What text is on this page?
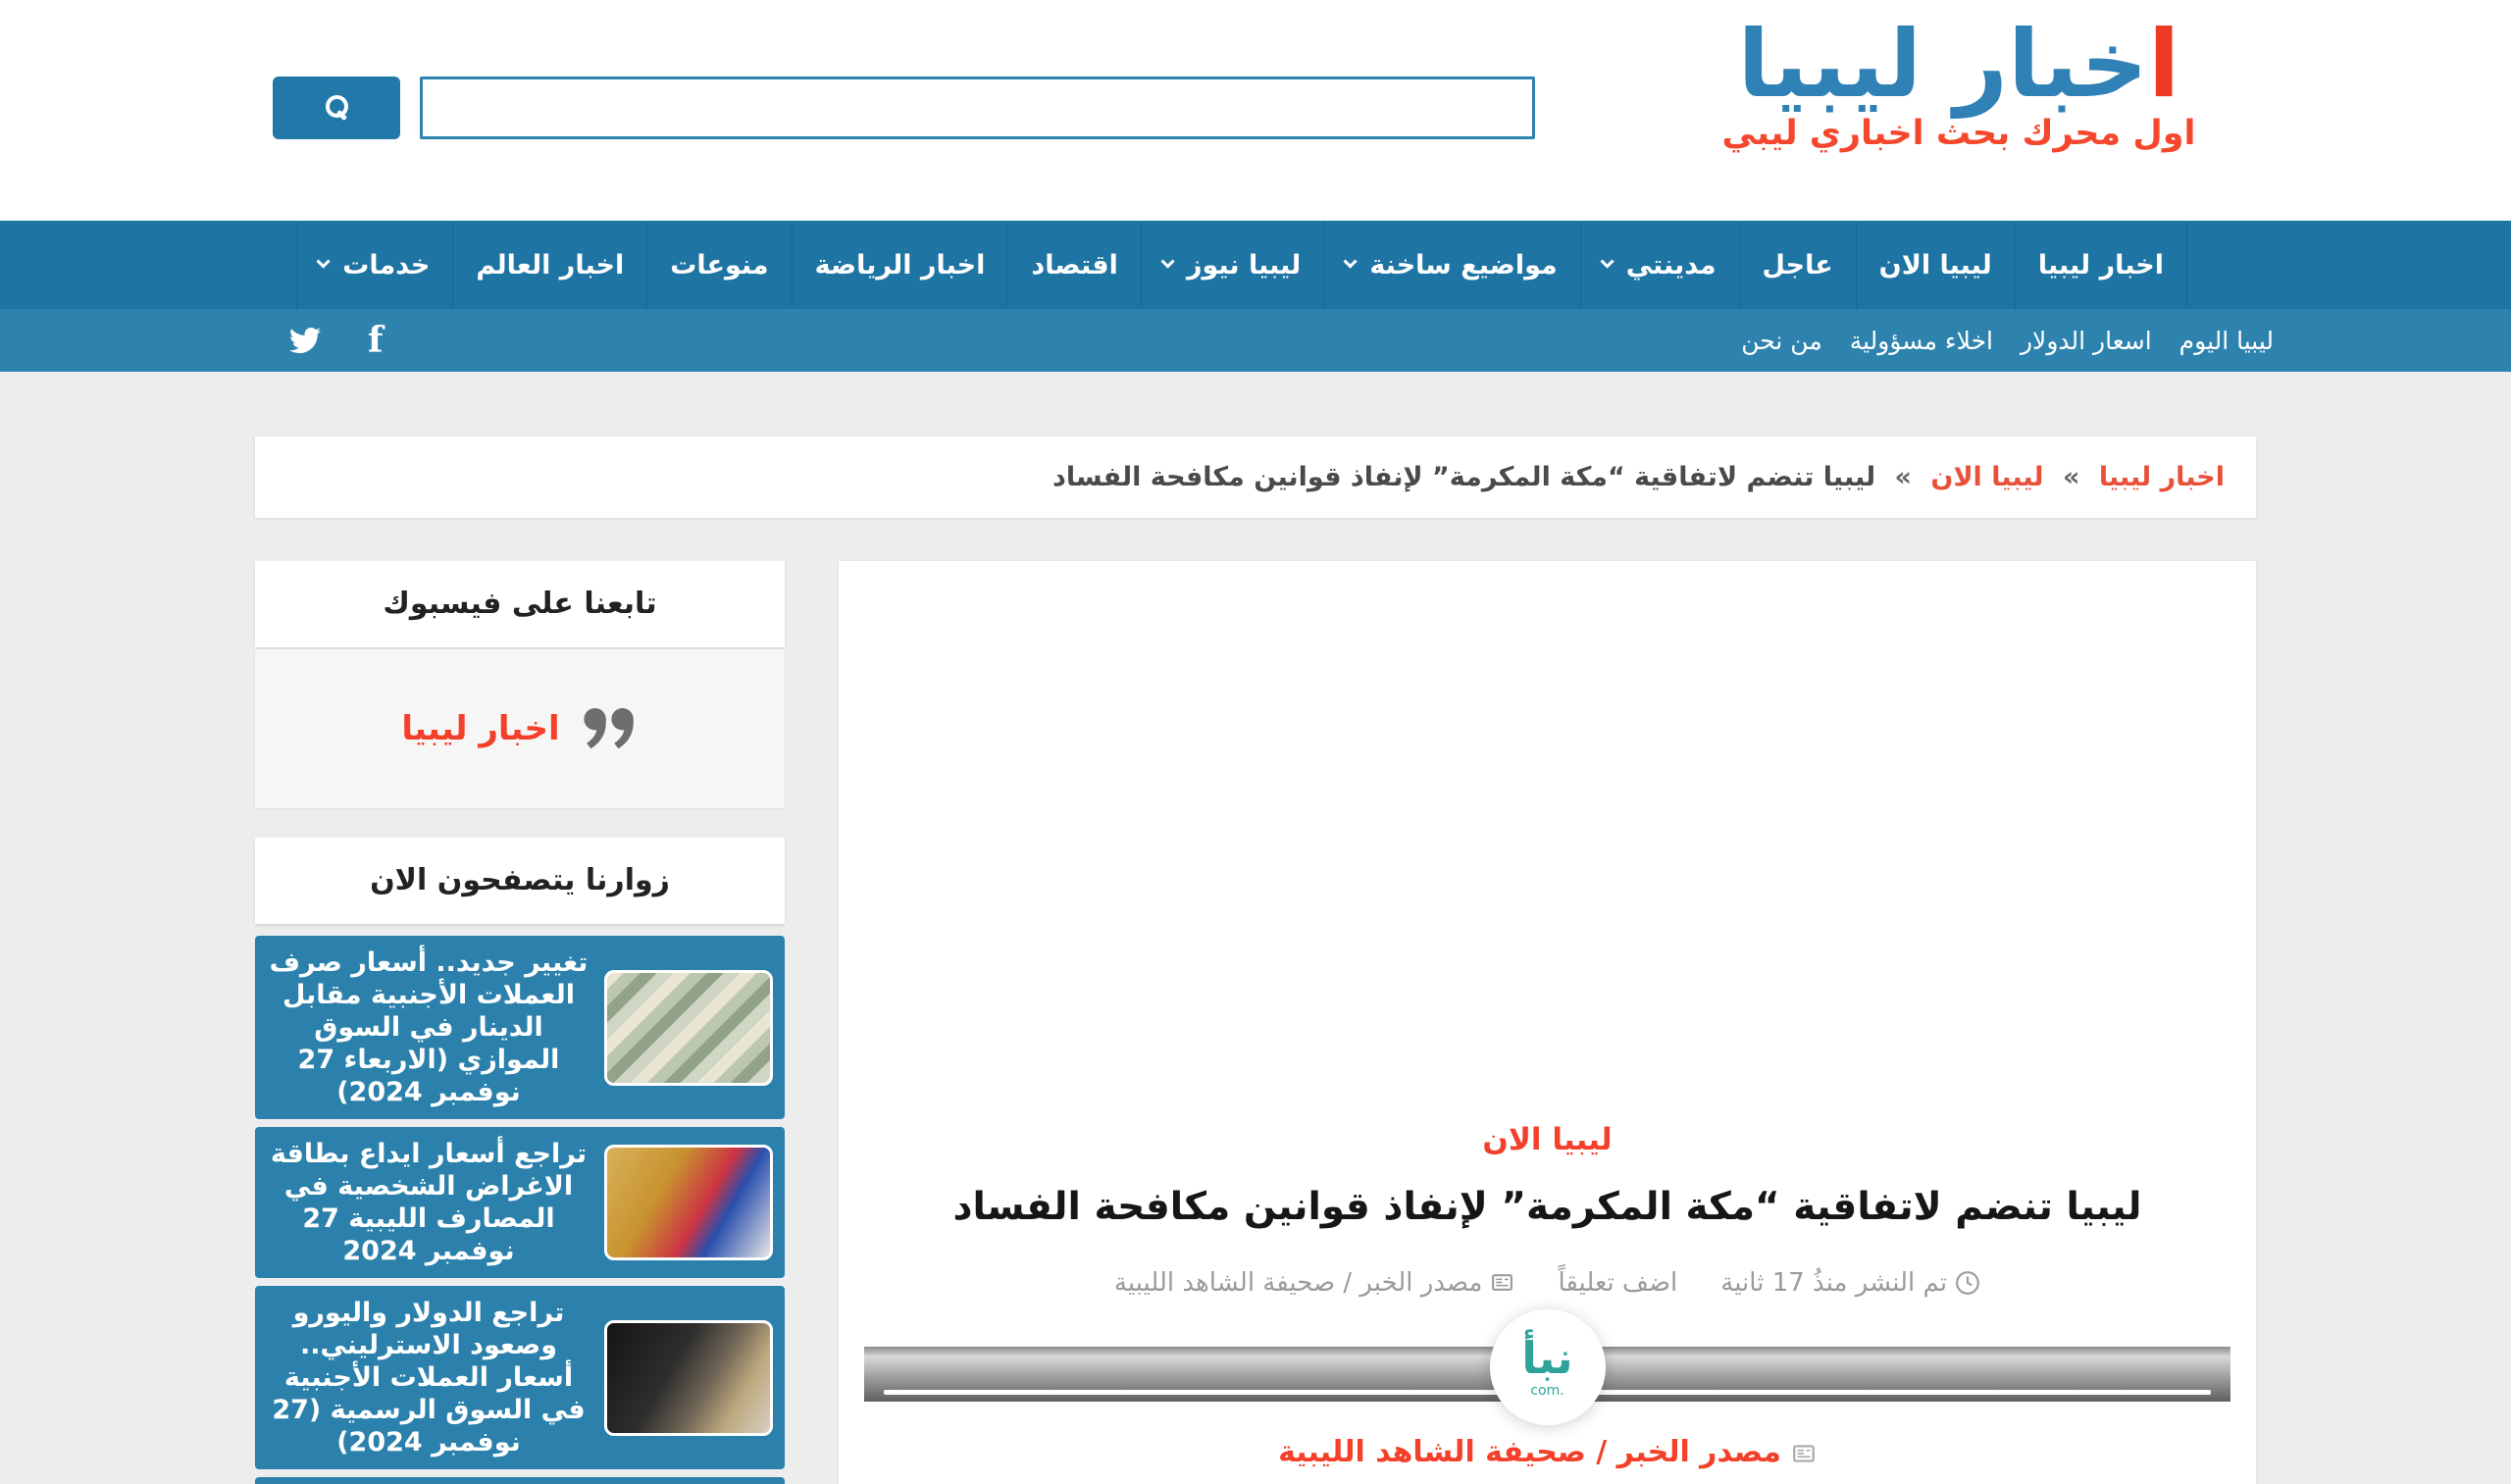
اخبار ليبيا
اول محرك بحث اخباري ليبي
اخبار ليبيا
ليبيا الان
عاجل
مدينتي
مواضيع ساخنة
ليبيا نيوز
اقتصاد
اخبار الرياضة
منوعات
اخبار العالم
خدمات
ليبيا اليوم
اسعار الدولار
اخلاء مسؤولية
من نحن
f
اخبار ليبيا » ليبيا الان » ليبيا تنضم لاتفاقية “مكة المكرمة” لإنفاذ قوانين مكافحة الفساد
ليبيا الان
ليبيا تنضم لاتفاقية “مكة المكرمة” لإنفاذ قوانين مكافحة الفساد
تم النشر منذُ 17 ثانية
اضف تعليقاً
مصدر الخبر / صحيفة الشاهد الليبية
نبأ
.com
مصدر الخبر / صحيفة الشاهد الليبية
تابعنا على فيسبوك
اخبار ليبيا
زوارنا يتصفحون الان
تغيير جديد.. أسعار صرف العملات الأجنبية مقابل الدينار في السوق الموازي (الاربعاء 27 نوفمبر 2024)
تراجع أسعار ايداع بطاقة الاغراض الشخصية في المصارف الليبية 27 نوفمبر 2024
تراجع الدولار واليورو وصعود الاسترليني.. أسعار العملات الأجنبية في السوق الرسمية (27 نوفمبر 2024)
